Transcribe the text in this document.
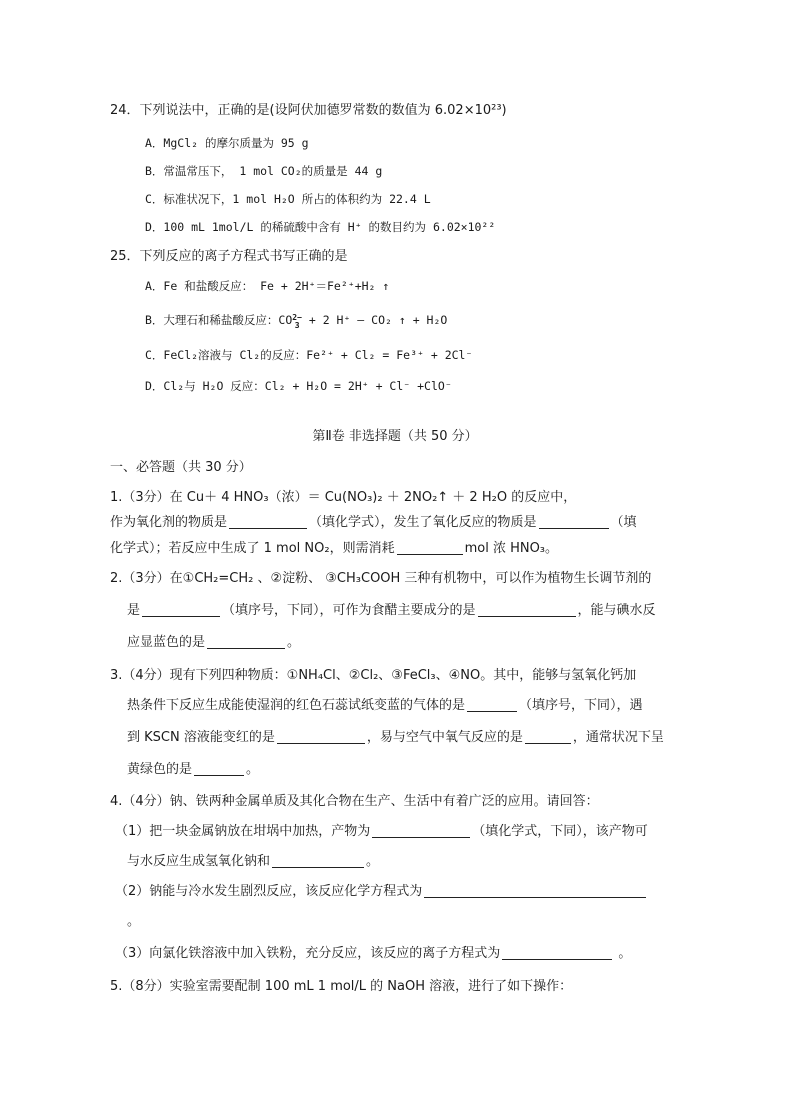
24．下列说法中，正确的是(设阿伏加德罗常数的数值为 6.02×10²³)
A．MgCl₂ 的摩尔质量为 95 g
B．常温常压下， 1 mol CO₂的质量是 44 g
C．标准状况下，1 mol H₂O 所占的体积约为 22.4 L
D．100 mL 1mol/L 的稀硫酸中含有 H⁺ 的数目约为 6.02×10²²
25．下列反应的离子方程式书写正确的是
A．Fe 和盐酸反应： Fe + 2H⁺＝Fe²⁺+H₂ ↑
B．大理石和稀盐酸反应：CO2−
3 + 2 H⁺ ― CO₂ ↑ + H₂O
C．FeCl₂溶液与 Cl₂的反应：Fe²⁺ + Cl₂ = Fe³⁺ + 2Cl⁻
D．Cl₂与 H₂O 反应：Cl₂ + H₂O = 2H⁺ + Cl⁻ +ClO⁻
第Ⅱ卷 非选择题（共 50 分）
一、必答题（共 30 分）
1.（3分）在 Cu＋ 4 HNO₃（浓）＝ Cu(NO₃)₂ ＋ 2NO₂↑ ＋ 2 H₂O 的反应中，
作为氧化剂的物质是	（填化学式），发生了氧化反应的物质是	（填
化学式）；若反应中生成了 1 mol NO₂，则需消耗	mol 浓 HNO₃。
2.（3分）在①CH₂=CH₂ 、②淀粉、 ③CH₃COOH 三种有机物中，可以作为植物生长调节剂的
是	（填序号，下同），可作为食醋主要成分的是	，能与碘水反
应显蓝色的是	。
3.（4分）现有下列四种物质：①NH₄Cl、②Cl₂、③FeCl₃、④NO。其中，能够与氢氧化钙加
热条件下反应生成能使湿润的红色石蕊试纸变蓝的气体的是	（填序号，下同），遇
到 KSCN 溶液能变红的是	，易与空气中氧气反应的是	，通常状况下呈
黄绿色的是	。
4.（4分）钠、铁两种金属单质及其化合物在生产、生活中有着广泛的应用。请回答：
（1）把一块金属钠放在坩埚中加热，产物为	（填化学式，下同），该产物可
与水反应生成氢氧化钠和	。
（2）钠能与冷水发生剧烈反应，该反应化学方程式为
。
（3）向氯化铁溶液中加入铁粉，充分反应，该反应的离子方程式为	。
5.（8分）实验室需要配制 100 mL 1 mol/L 的 NaOH 溶液，进行了如下操作：
